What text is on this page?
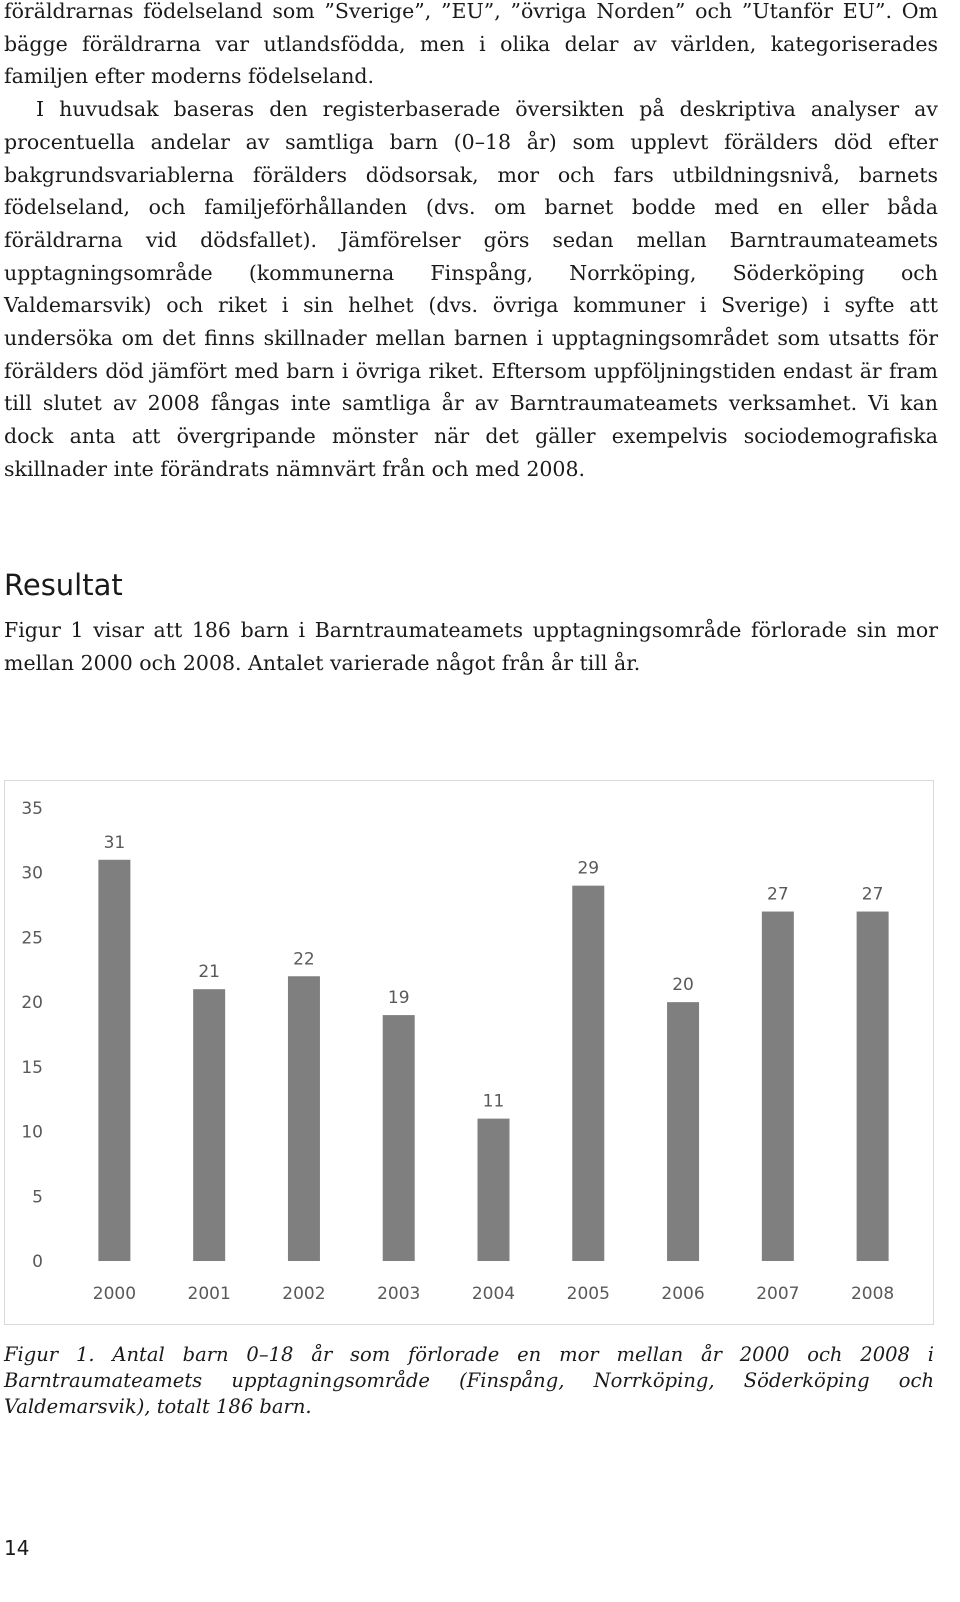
föräldrarnas födelseland som ”Sverige”, ”EU”, ”övriga Norden” och ”Utanför EU”. Om bägge föräldrarna var utlandsfödda, men i olika delar av världen, kategoriserades familjen efter moderns födelseland.

I huvudsak baseras den registerbaserade översikten på deskriptiva analyser av procentuella andelar av samtliga barn (0–18 år) som upplevt förälders död efter bakgrundsvariablerna förälders dödsorsak, mor och fars utbildningsnivå, barnets födelseland, och familjeförhållanden (dvs. om barnet bodde med en eller båda föräldrarna vid dödsfallet). Jämförelser görs sedan mellan Barntraumateamets upptagningsområde (kommunerna Finspång, Norrköping, Söderköping och Valdemarsvik) och riket i sin helhet (dvs. övriga kommuner i Sverige) i syfte att undersöka om det finns skillnader mellan barnen i upptagningsområdet som utsatts för förälders död jämfört med barn i övriga riket. Eftersom uppföljningstiden endast är fram till slutet av 2008 fångas inte samtliga år av Barntraumateamets verksamhet. Vi kan dock anta att övergripande mönster när det gäller exempelvis sociodemografiska skillnader inte förändrats nämnvärt från och med 2008.

Resultat

Figur 1 visar att 186 barn i Barntraumateamets upptagningsområde förlorade sin mor mellan 2000 och 2008. Antalet varierade något från år till år.

0
5
10
15
20
25
30
35
31
2000
21
2001
22
2002
19
2003
11
2004
29
2005
20
2006
27
2007
27
2008

Figur 1. Antal barn 0–18 år som förlorade en mor mellan år 2000 och 2008 i Barntraumateamets upptagningsområde (Finspång, Norrköping, Söderköping och Valdemarsvik), totalt 186 barn.

14
